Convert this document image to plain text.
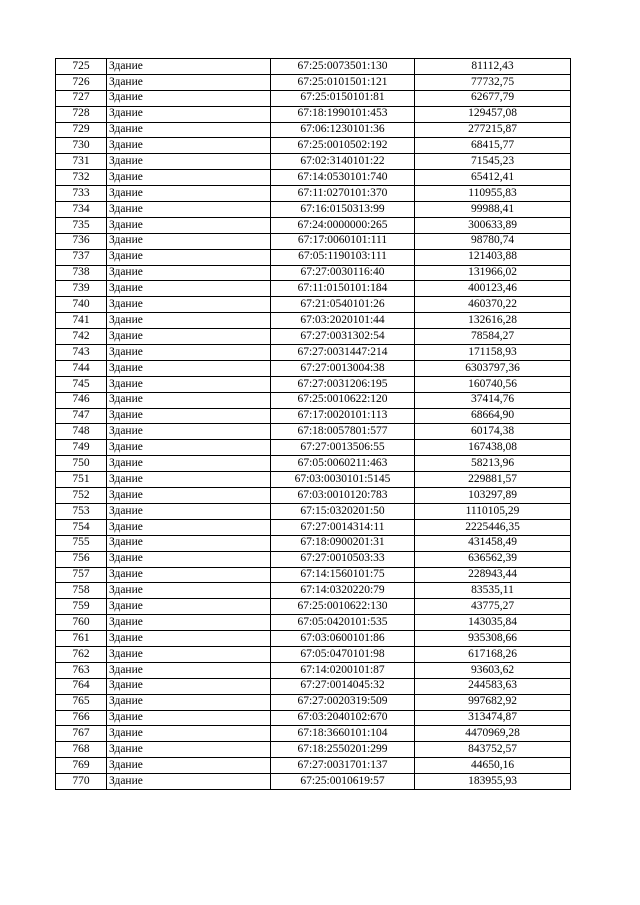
725	Здание	67:25:0073501:130	81112,43
726	Здание	67:25:0101501:121	77732,75
727	Здание	67:25:0150101:81	62677,79
728	Здание	67:18:1990101:453	129457,08
729	Здание	67:06:1230101:36	277215,87
730	Здание	67:25:0010502:192	68415,77
731	Здание	67:02:3140101:22	71545,23
732	Здание	67:14:0530101:740	65412,41
733	Здание	67:11:0270101:370	110955,83
734	Здание	67:16:0150313:99	99988,41
735	Здание	67:24:0000000:265	300633,89
736	Здание	67:17:0060101:111	98780,74
737	Здание	67:05:1190103:111	121403,88
738	Здание	67:27:0030116:40	131966,02
739	Здание	67:11:0150101:184	400123,46
740	Здание	67:21:0540101:26	460370,22
741	Здание	67:03:2020101:44	132616,28
742	Здание	67:27:0031302:54	78584,27
743	Здание	67:27:0031447:214	171158,93
744	Здание	67:27:0013004:38	6303797,36
745	Здание	67:27:0031206:195	160740,56
746	Здание	67:25:0010622:120	37414,76
747	Здание	67:17:0020101:113	68664,90
748	Здание	67:18:0057801:577	60174,38
749	Здание	67:27:0013506:55	167438,08
750	Здание	67:05:0060211:463	58213,96
751	Здание	67:03:0030101:5145	229881,57
752	Здание	67:03:0010120:783	103297,89
753	Здание	67:15:0320201:50	1110105,29
754	Здание	67:27:0014314:11	2225446,35
755	Здание	67:18:0900201:31	431458,49
756	Здание	67:27:0010503:33	636562,39
757	Здание	67:14:1560101:75	228943,44
758	Здание	67:14:0320220:79	83535,11
759	Здание	67:25:0010622:130	43775,27
760	Здание	67:05:0420101:535	143035,84
761	Здание	67:03:0600101:86	935308,66
762	Здание	67:05:0470101:98	617168,26
763	Здание	67:14:0200101:87	93603,62
764	Здание	67:27:0014045:32	244583,63
765	Здание	67:27:0020319:509	997682,92
766	Здание	67:03:2040102:670	313474,87
767	Здание	67:18:3660101:104	4470969,28
768	Здание	67:18:2550201:299	843752,57
769	Здание	67:27:0031701:137	44650,16
770	Здание	67:25:0010619:57	183955,93
